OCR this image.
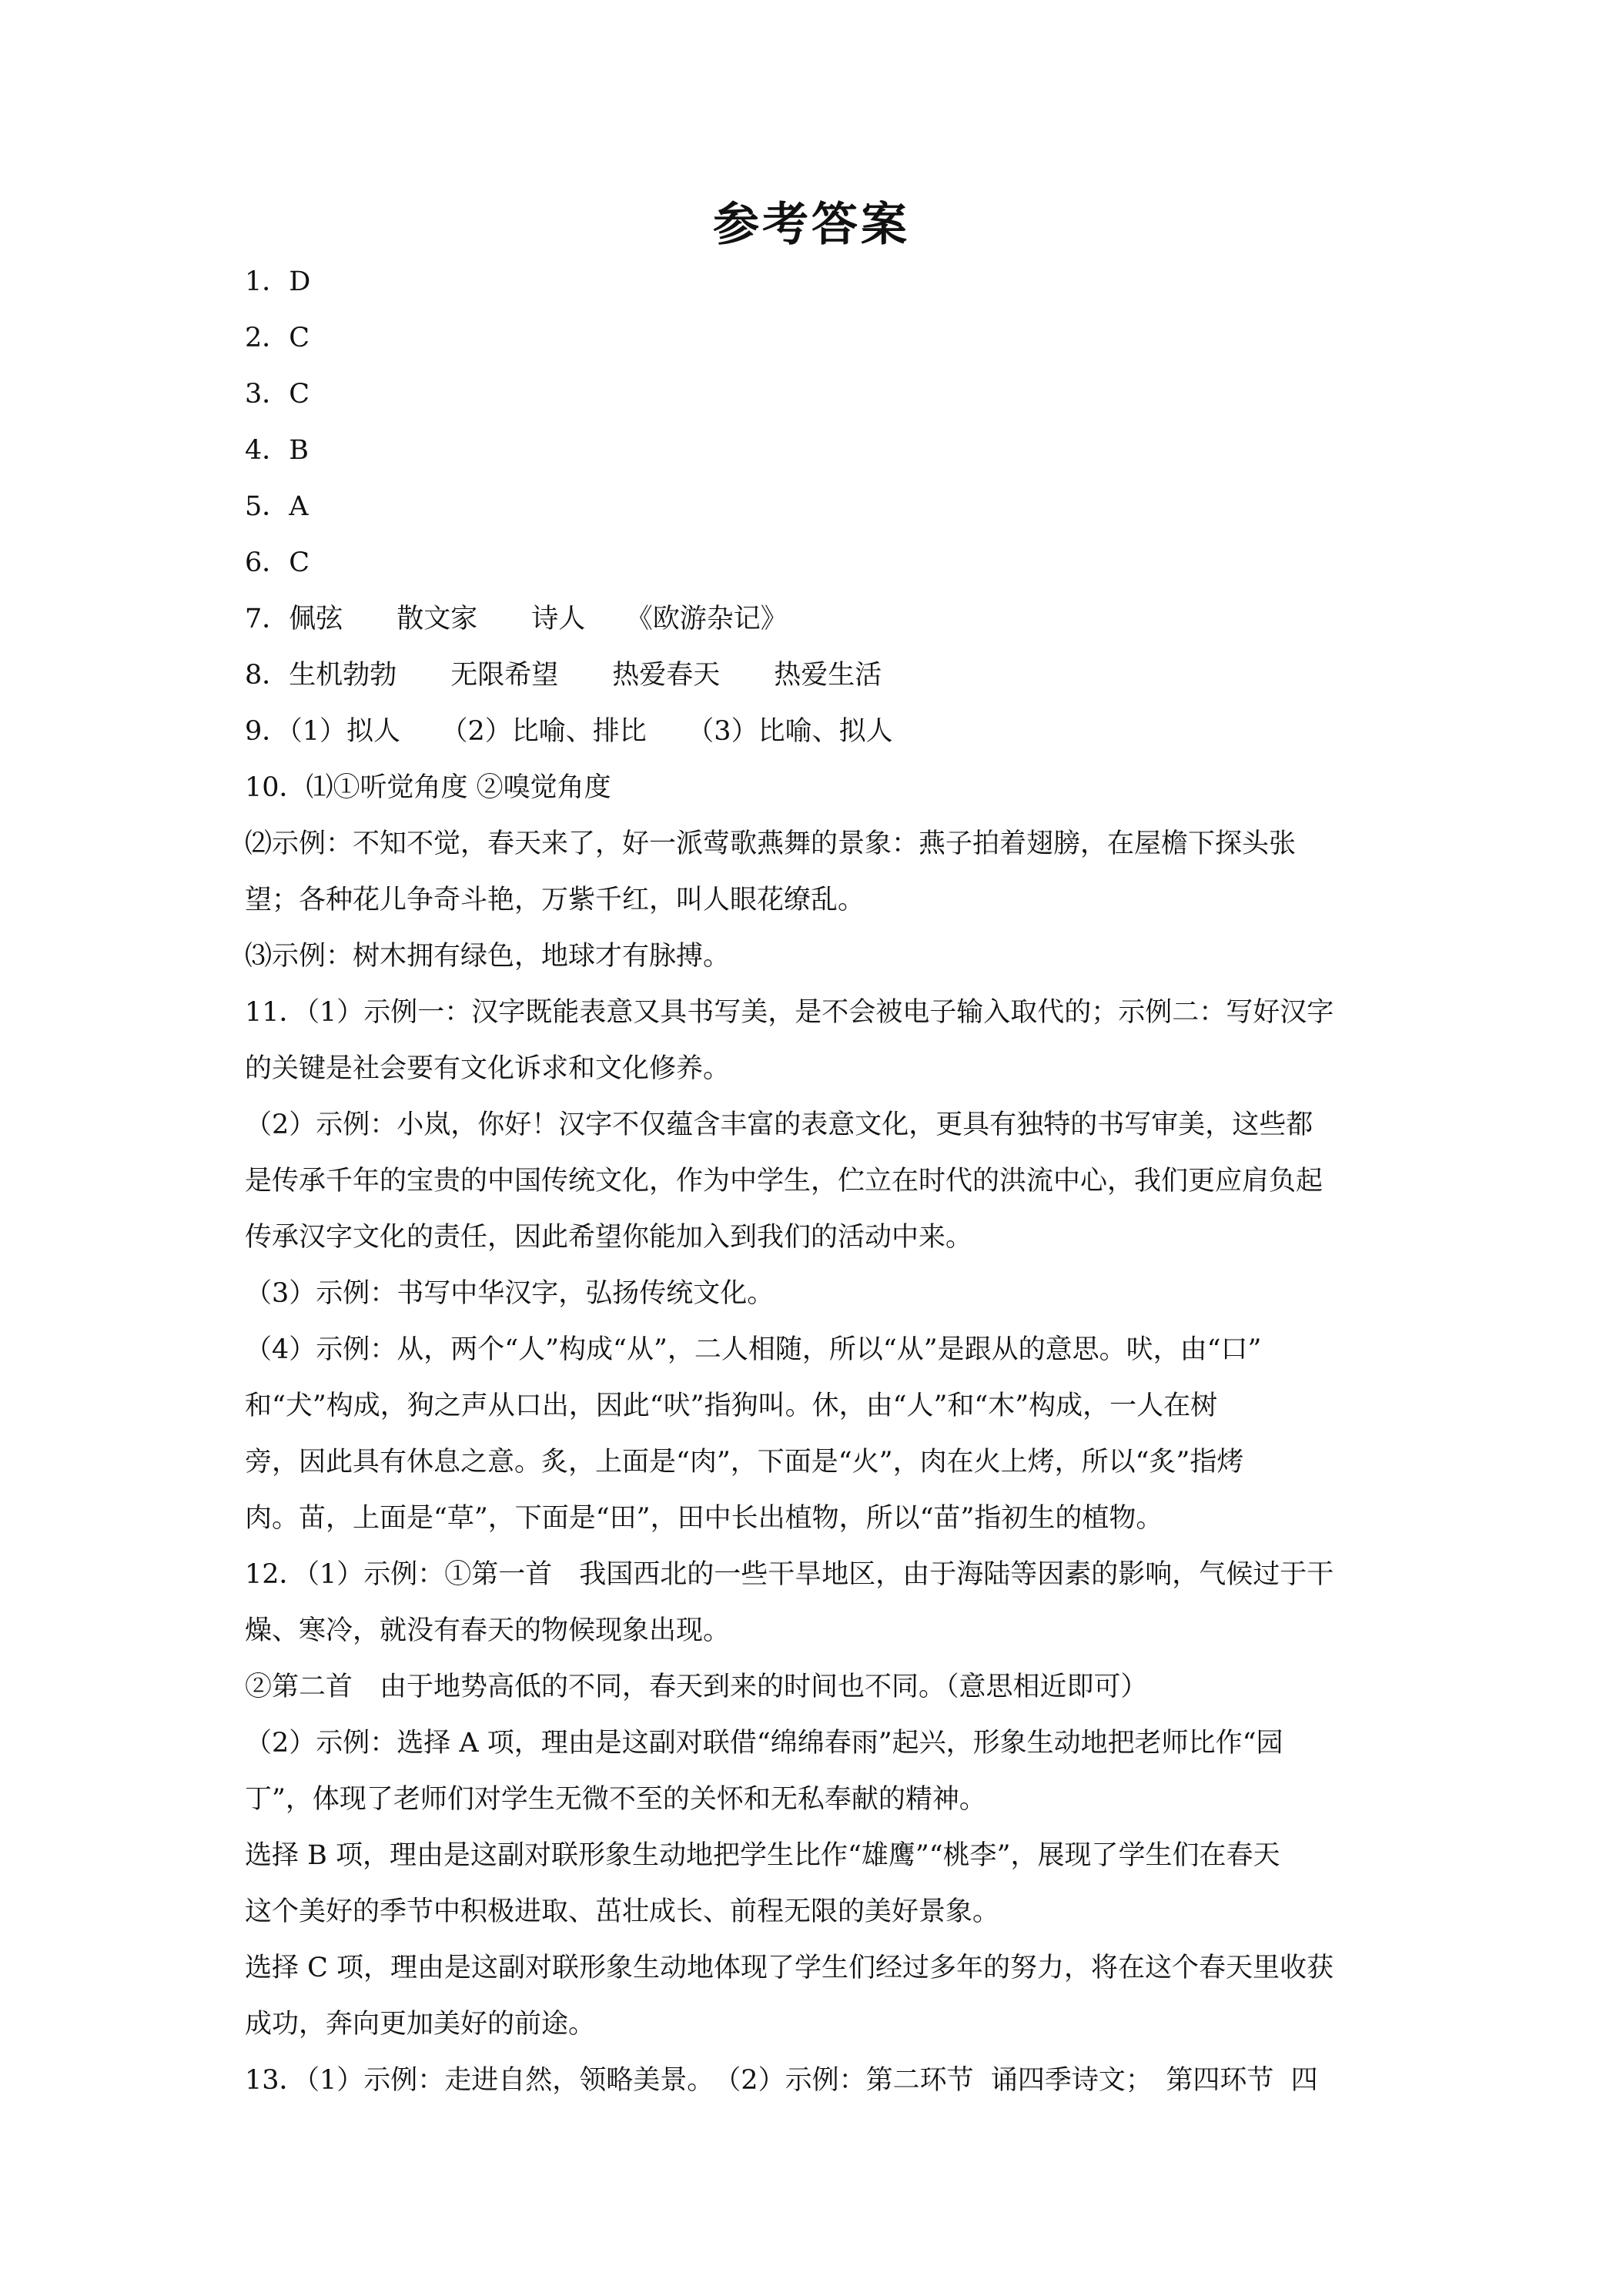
参考答案
1．D
2．C
3．C
4．B
5．A
6．C
7．佩弦　　散文家　　诗人　　《欧游杂记》
8．生机勃勃　　无限希望　　热爱春天　　热爱生活
9．（1）拟人　　（2）比喻、排比　　（3）比喻、拟人
10．⑴①听觉角度 ②嗅觉角度
⑵示例：不知不觉，春天来了，好一派莺歌燕舞的景象：燕子拍着翅膀，在屋檐下探头张
望；各种花儿争奇斗艳，万紫千红，叫人眼花缭乱。
⑶示例：树木拥有绿色，地球才有脉搏。
11．（1）示例一：汉字既能表意又具书写美，是不会被电子输入取代的；示例二：写好汉字
的关键是社会要有文化诉求和文化修养。
（2）示例：小岚，你好！汉字不仅蕴含丰富的表意文化，更具有独特的书写审美，这些都
是传承千年的宝贵的中国传统文化，作为中学生，伫立在时代的洪流中心，我们更应肩负起
传承汉字文化的责任，因此希望你能加入到我们的活动中来。
（3）示例：书写中华汉字，弘扬传统文化。
（4）示例：从，两个“人”构成“从”，二人相随，所以“从”是跟从的意思。吠，由“口”
和“犬”构成，狗之声从口出，因此“吠”指狗叫。休，由“人”和“木”构成，一人在树
旁，因此具有休息之意。炙，上面是“肉”，下面是“火”，肉在火上烤，所以“炙”指烤
肉。苗，上面是“草”，下面是“田”，田中长出植物，所以“苗”指初生的植物。
12．（1）示例：①第一首　我国西北的一些干旱地区，由于海陆等因素的影响，气候过于干
燥、寒冷，就没有春天的物候现象出现。
②第二首　由于地势高低的不同，春天到来的时间也不同。（意思相近即可）
（2）示例：选择 A 项，理由是这副对联借“绵绵春雨”起兴，形象生动地把老师比作“园
丁”，体现了老师们对学生无微不至的关怀和无私奉献的精神。
选择 B 项，理由是这副对联形象生动地把学生比作“雄鹰”“桃李”，展现了学生们在春天
这个美好的季节中积极进取、茁壮成长、前程无限的美好景象。
选择 C 项，理由是这副对联形象生动地体现了学生们经过多年的努力，将在这个春天里收获
成功，奔向更加美好的前途。
13．（1）示例：走进自然，领略美景。　（2）示例：第二环节  诵四季诗文；　第四环节  四
